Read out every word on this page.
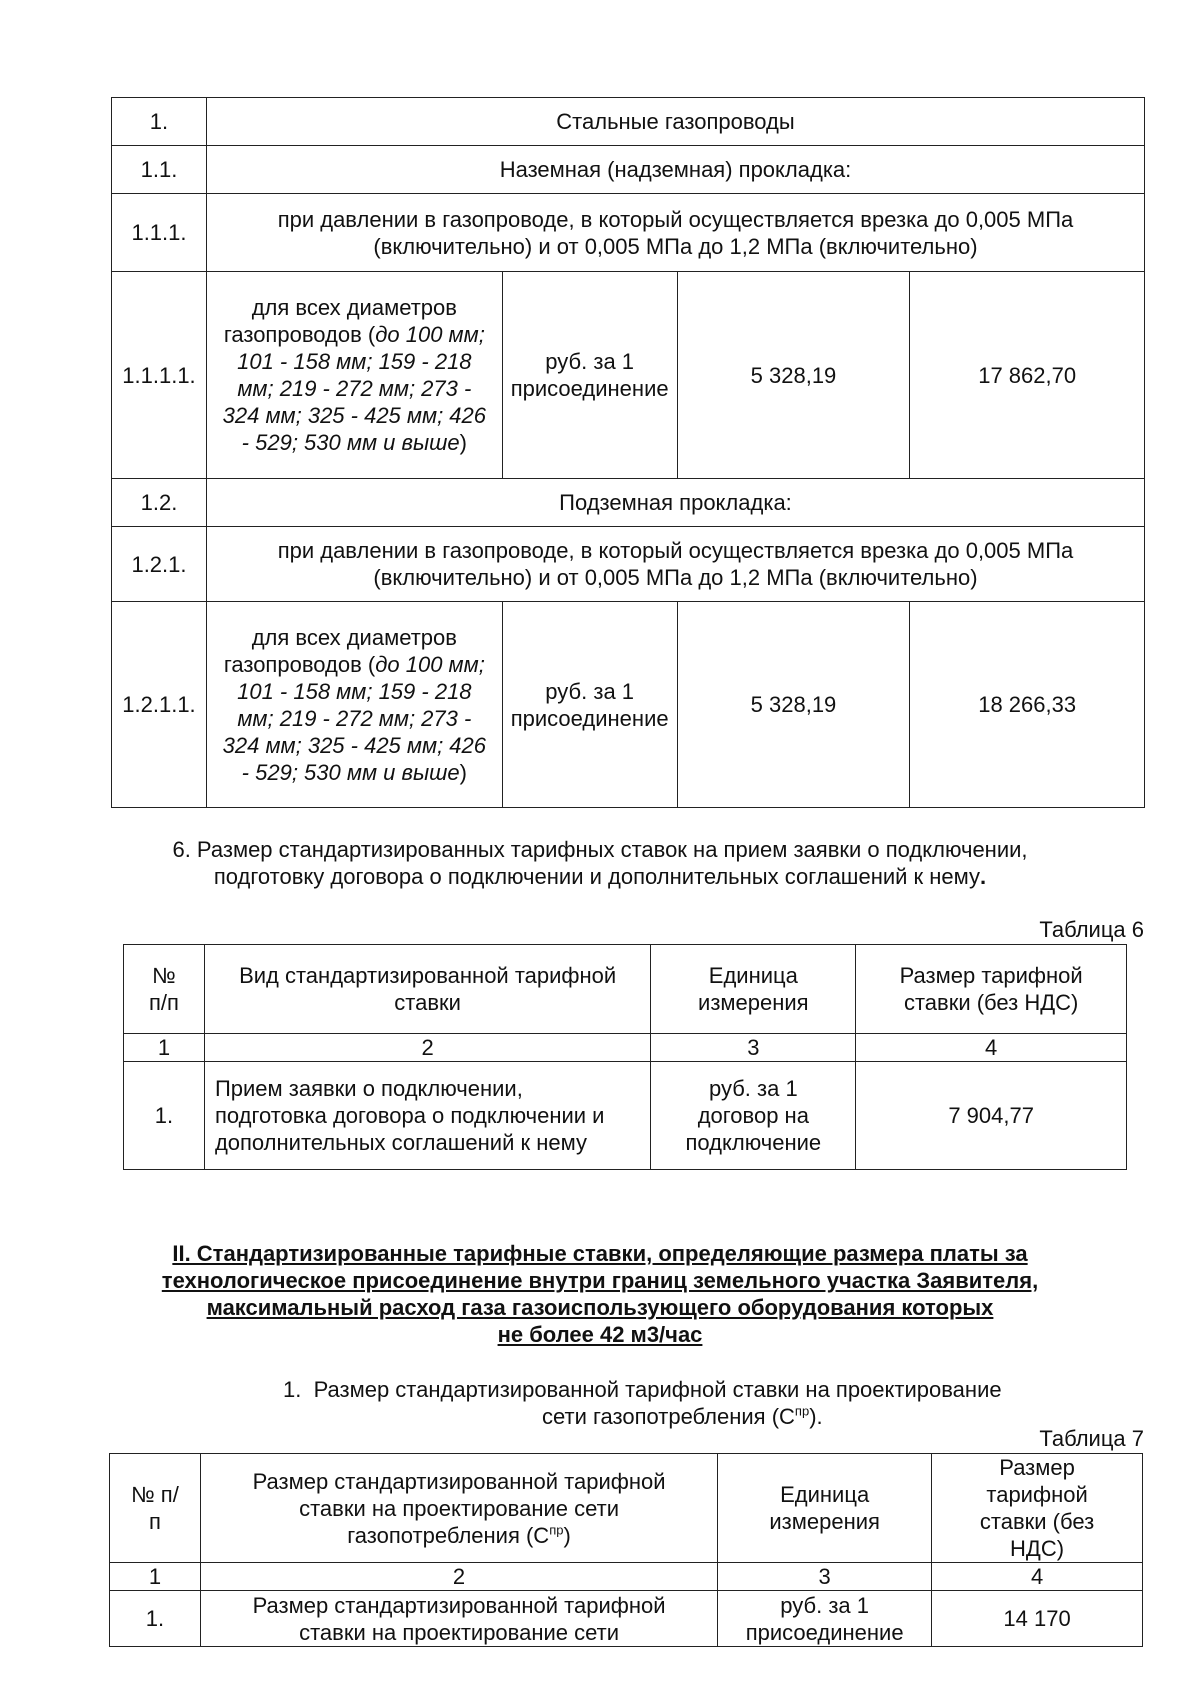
1.	Стальные газопроводы			
1.1.	Наземная (надземная) прокладка:			
1.1.1.	при давлении в газопроводе, в который осуществляется врезка до 0,005 МПа (включительно) и от 0,005 МПа до 1,2 МПа (включительно)			
1.1.1.1.	для всех диаметров газопроводов (до 100 мм; 101 - 158 мм; 159 - 218 мм; 219 - 272 мм; 273 - 324 мм; 325 - 425 мм; 426 - 529; 530 мм и выше)	руб. за 1 присоединение	5 328,19	17 862,70
1.2.	Подземная прокладка:			
1.2.1.	при давлении в газопроводе, в который осуществляется врезка до 0,005 МПа (включительно) и от 0,005 МПа до 1,2 МПа (включительно)			
1.2.1.1.	для всех диаметров газопроводов (до 100 мм; 101 - 158 мм; 159 - 218 мм; 219 - 272 мм; 273 - 324 мм; 325 - 425 мм; 426 - 529; 530 мм и выше)	руб. за 1 присоединение	5 328,19	18 266,33
6. Размер стандартизированных тарифных ставок на прием заявки о подключении,
подготовку договора о подключении и дополнительных соглашений к нему.
Таблица 6
№ п/п	Вид стандартизированной тарифной ставки	Единица измерения	Размер тарифной ставки (без НДС)
1	2	3	4
1.	Прием заявки о подключении, подготовка договора о подключении и дополнительных соглашений к нему	руб. за 1 договор на подключение	7 904,77
II. Стандартизированные тарифные ставки, определяющие размера платы за
технологическое присоединение внутри границ земельного участка Заявителя,
максимальный расход газа газоиспользующего оборудования которых
не более 42 м3/час
1.  Размер стандартизированной тарифной ставки на проектирование
сети газопотребления $(С^{пр})$.
Таблица 7
№ п/п	Размер стандартизированной тарифной ставки на проектирование сети газопотребления $(С^{пр})$	Единица измерения	Размер тарифной ставки (без НДС)
1	2	3	4
1.	Размер стандартизированной тарифной ставки на проектирование сети	руб. за 1 присоединение	14 170
